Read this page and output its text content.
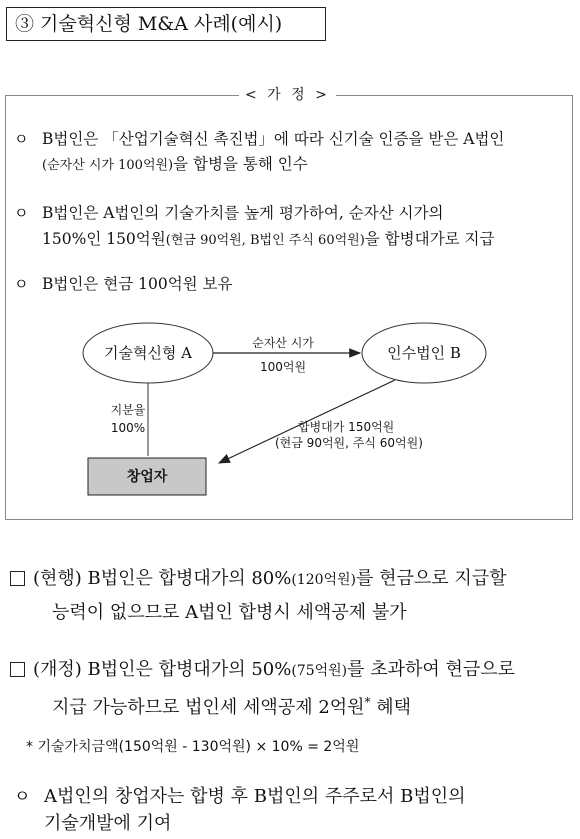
③ 기술혁신형 M&A 사례(예시)
< 가 정 >
ㅇ B법인은 「산업기술혁신 촉진법」에 따라 신기술 인증을 받은 A법인
(순자산 시가 100억원)을 합병을 통해 인수
ㅇ B법인은 A법인의 기술가치를 높게 평가하여, 순자산 시가의
150%인 150억원(현금 90억원, B법인 주식 60억원)을 합병대가로 지급
ㅇ B법인은 현금 100억원 보유
기술혁신형 A	인수법인 B
순자산 시가
100억원
지분율
100%	합병대가 150억원
(현금 90억원, 주식 60억원)
창업자
(현행) B법인은 합병대가의 80%(120억원)를 현금으로 지급할
능력이 없으므로 A법인 합병시 세액공제 불가
(개정) B법인은 합병대가의 50%(75억원)를 초과하여 현금으로
지급 가능하므로 법인세 세액공제 2억원* 혜택
* 기술가치금액(150억원 - 130억원) × 10% = 2억원
ㅇ A법인의 창업자는 합병 후 B법인의 주주로서 B법인의
기술개발에 기여
